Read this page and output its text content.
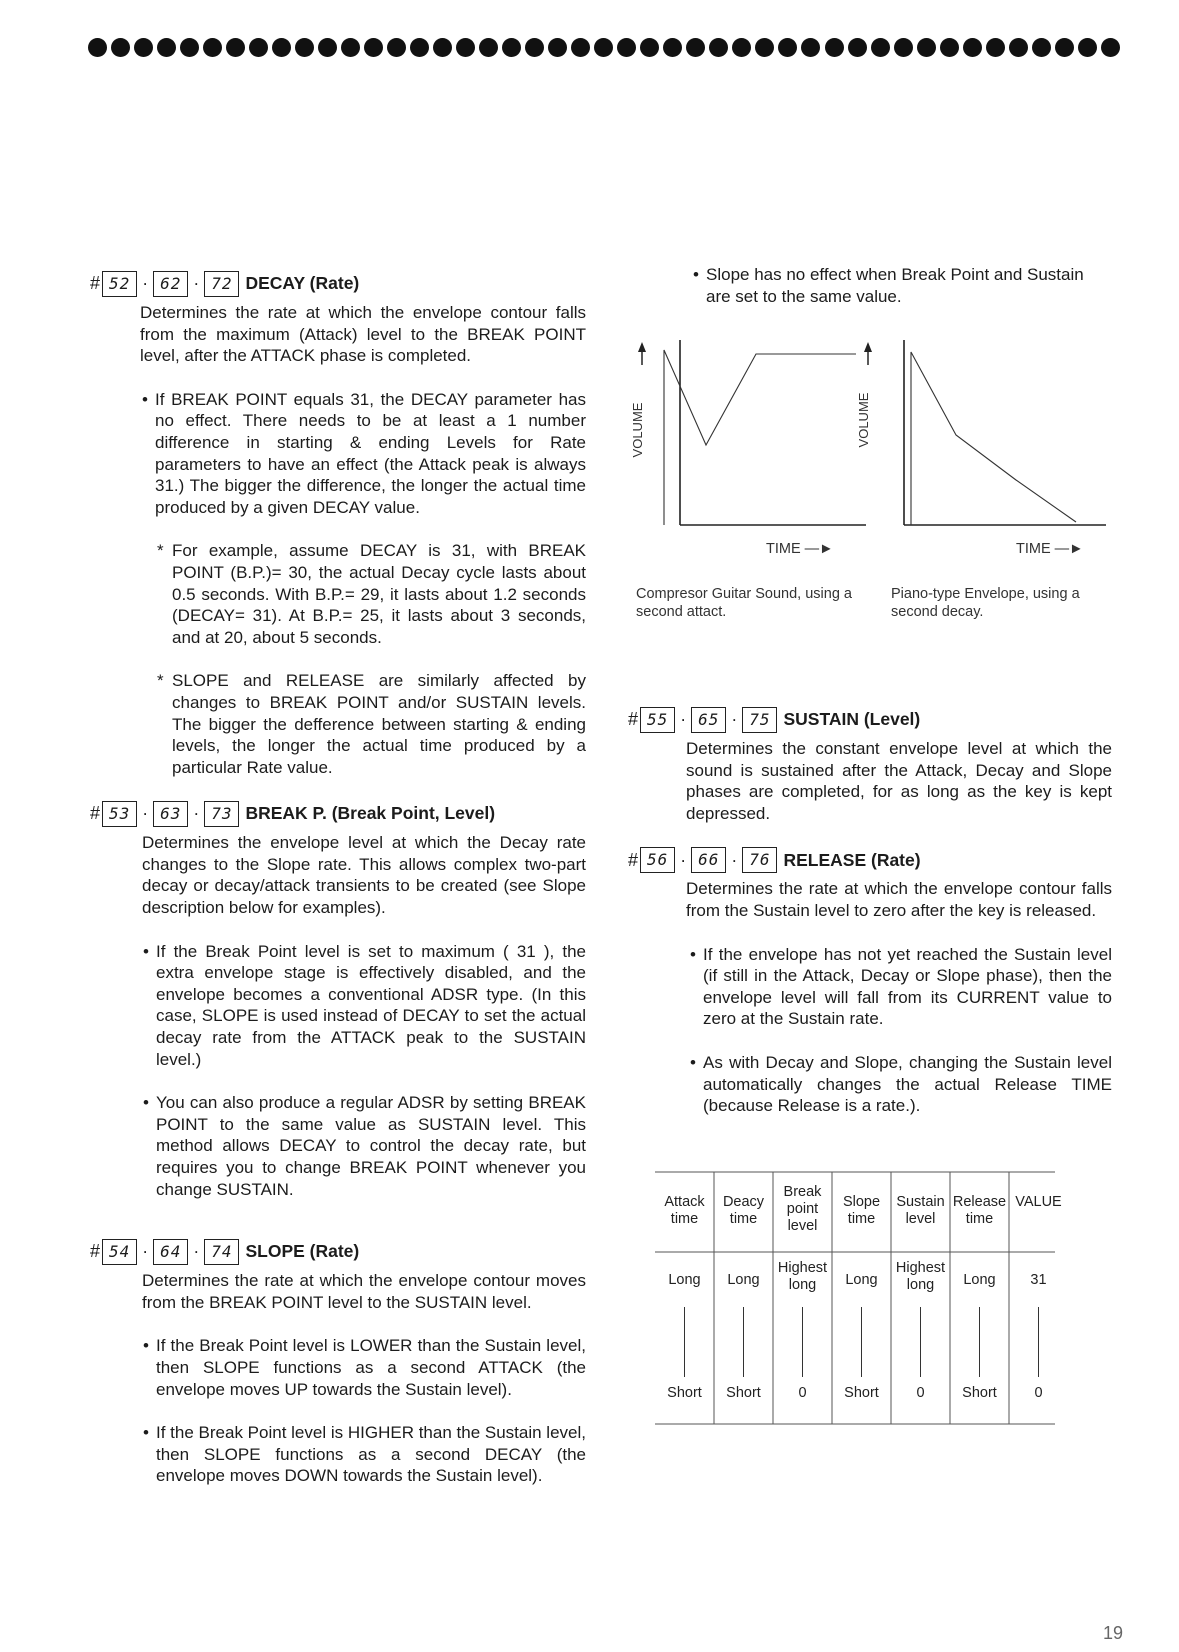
# 52 · 62 · 72 DECAY (Rate)

Determines the rate at which the envelope contour falls from the maximum (Attack) level to the BREAK POINT level, after the ATTACK phase is completed.

• If BREAK POINT equals 31, the DECAY parameter has no effect. There needs to be at least a 1 number difference in starting & ending Levels for Rate parameters to have an effect (the Attack peak is always 31.) The bigger the difference, the longer the actual time produced by a given DECAY value.

* For example, assume DECAY is 31, with BREAK POINT (B.P.)= 30, the actual Decay cycle lasts about 0.5 seconds. With B.P.= 29, it lasts about 1.2 seconds (DECAY= 31). At B.P.= 25, it lasts about 3 seconds, and at 20, about 5 seconds.

* SLOPE and RELEASE are similarly affected by changes to BREAK POINT and/or SUSTAIN levels. The bigger the defference between starting & ending levels, the longer the actual time produced by a particular Rate value.

# 53 · 63 · 73 BREAK P. (Break Point, Level)

Determines the envelope level at which the Decay rate changes to the Slope rate. This allows complex two-part decay or decay/attack transients to be created (see Slope description below for examples).

• If the Break Point level is set to maximum ( 31 ), the extra envelope stage is effectively disabled, and the envelope becomes a conventional ADSR type. (In this case, SLOPE is used instead of DECAY to set the actual decay rate from the ATTACK peak to the SUSTAIN level.)

• You can also produce a regular ADSR by setting BREAK POINT to the same value as SUSTAIN level. This method allows DECAY to control the decay rate, but requires you to change BREAK POINT whenever you change SUSTAIN.

# 54 · 64 · 74 SLOPE (Rate)

Determines the rate at which the envelope contour moves from the BREAK POINT level to the SUSTAIN level.

• If the Break Point level is LOWER than the Sustain level, then SLOPE functions as a second ATTACK (the envelope moves UP towards the Sustain level).

• If the Break Point level is HIGHER than the Sustain level, then SLOPE functions as a second DECAY (the envelope moves DOWN towards the Sustain level).

• Slope has no effect when Break Point and Sustain are set to the same value.

VOLUME	VOLUME
TIME —►	TIME —►
Compresor Guitar Sound, using a second attact.
Piano-type Envelope, using a second decay.
# 55 · 65 · 75 SUSTAIN (Level)

Determines the constant envelope level at which the sound is sustained after the Attack, Decay and Slope phases are completed, for as long as the key is kept depressed.

# 56 · 66 · 76 RELEASE (Rate)

Determines the rate at which the envelope contour falls from the Sustain level to zero after the key is released.

• If the envelope has not yet reached the Sustain level (if still in the Attack, Decay or Slope phase), then the envelope level will fall from its CURRENT value to zero at the Sustain rate.

• As with Decay and Slope, changing the Sustain level automatically changes the actual Release TIME (because Release is a rate.).

Attack time
Long
Short
Deacy time
Long
Short
Break point level
Highest long
0
Slope time
Long
Short
Sustain level
Highest long
0
Release time
Long
Short
VALUE
31
0
19
